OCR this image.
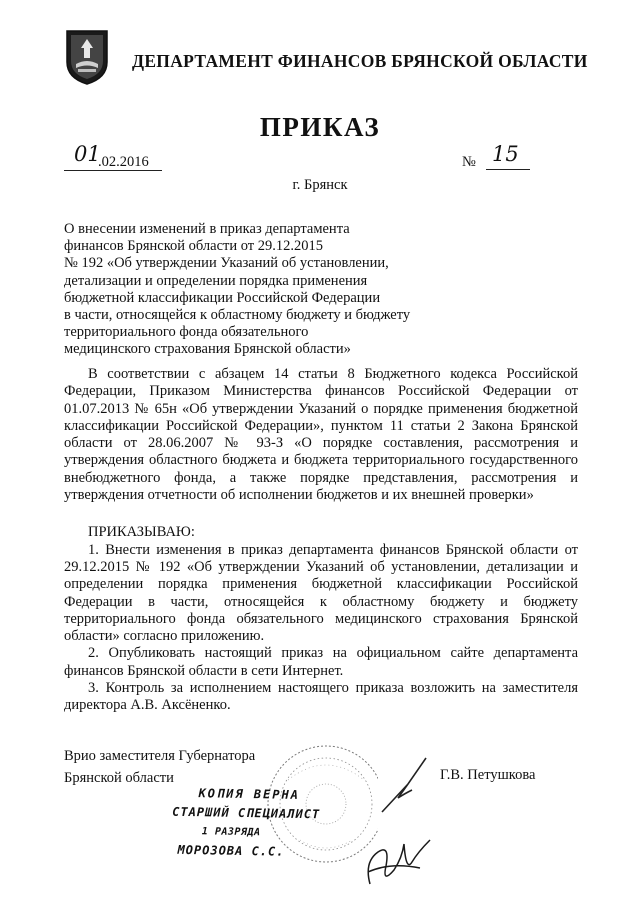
ДЕПАРТАМЕНТ ФИНАНСОВ БРЯНСКОЙ ОБЛАСТИ
ПРИКАЗ
01
.02.2016	№ 15
г. Брянск
О внесении изменений в приказ департамента
финансов Брянской области от 29.12.2015
№ 192 «Об утверждении Указаний об установлении,
детализации и определении порядка применения
бюджетной классификации Российской Федерации
в части, относящейся к областному бюджету и бюджету
территориального фонда обязательного
медицинского страхования Брянской области»

В соответствии с абзацем 14 статьи 8 Бюджетного кодекса Российской Федерации, Приказом Министерства финансов Российской Федерации от 01.07.2013 № 65н «Об утверждении Указаний о порядке применения бюджетной классификации Российской Федерации», пунктом 11 статьи 2 Закона Брянской области от 28.06.2007 № 93-З «О порядке составления, рассмотрения и утверждения областного бюджета и бюджета территориального государственного внебюджетного фонда, а также порядке представления, рассмотрения и утверждения отчетности об исполнении бюджетов и их внешней проверки»

ПРИКАЗЫВАЮ:

1. Внести изменения в приказ департамента финансов Брянской области от 29.12.2015 № 192 «Об утверждении Указаний об установлении, детализации и определении порядка применения бюджетной классификации Российской Федерации в части, относящейся к областному бюджету и бюджету территориального фонда обязательного медицинского страхования Брянской области» согласно приложению.

2. Опубликовать настоящий приказ на официальном сайте департамента финансов Брянской области в сети Интернет.

3. Контроль за исполнением настоящего приказа возложить на заместителя директора А.В. Аксёненко.

Врио заместителя Губернатора
Брянской области	Г.В. Петушкова
КОПИЯ ВЕРНА
СТАРШИЙ СПЕЦИАЛИСТ
1 РАЗРЯДА
МОРОЗОВА С.С.
